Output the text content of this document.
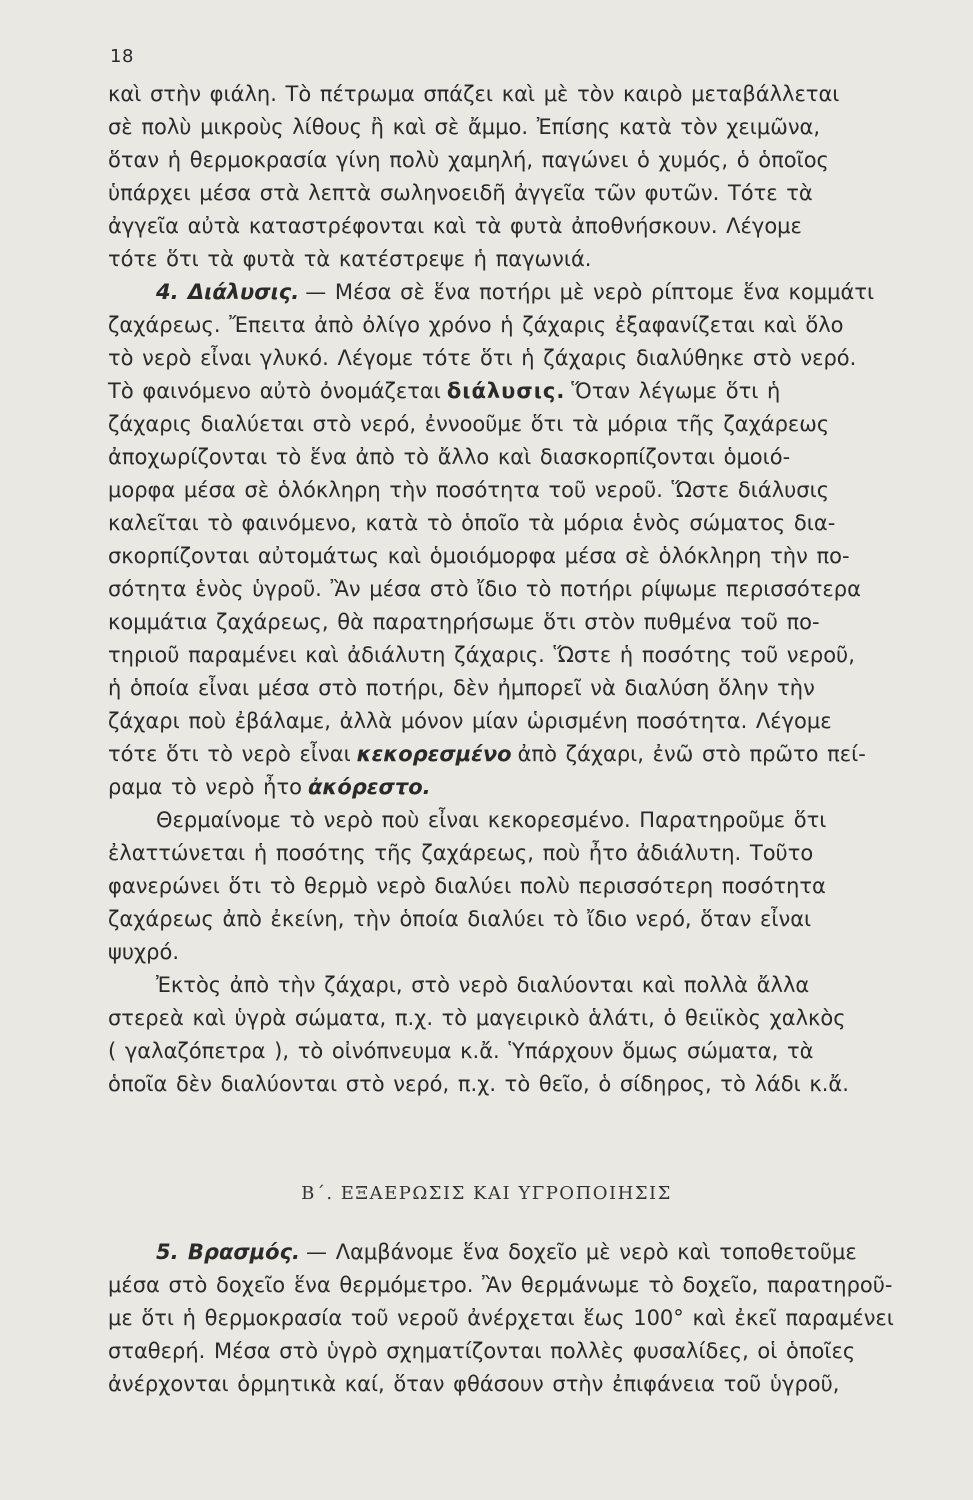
18
καὶ στὴν φιάλη. Τὸ πέτρωμα σπάζει καὶ μὲ τὸν καιρὸ μεταβάλλεται
σὲ πολὺ μικροὺς λίθους ἢ καὶ σὲ ἄμμο. Ἐπίσης κατὰ τὸν χειμῶνα,
ὅταν ἡ θερμοκρασία γίνη πολὺ χαμηλή, παγώνει ὁ χυμός, ὁ ὁποῖος
ὑπάρχει μέσα στὰ λεπτὰ σωληνοειδῆ ἀγγεῖα τῶν φυτῶν. Τότε τὰ
ἀγγεῖα αὐτὰ καταστρέφονται καὶ τὰ φυτὰ ἀποθνήσκουν. Λέγομε
τότε ὅτι τὰ φυτὰ τὰ κατέστρεψε ἡ παγωνιά.
4. Διάλυσις. — Μέσα σὲ ἕνα ποτήρι μὲ νερὸ ρίπτομε ἕνα κομμάτι
ζαχάρεως. Ἔπειτα ἀπὸ ὀλίγο χρόνο ἡ ζάχαρις ἐξαφανίζεται καὶ ὅλο
τὸ νερὸ εἶναι γλυκό. Λέγομε τότε ὅτι ἡ ζάχαρις διαλύθηκε στὸ νερό.
Τὸ φαινόμενο αὐτὸ ὀνομάζεται διάλυσις. Ὅταν λέγωμε ὅτι ἡ
ζάχαρις διαλύεται στὸ νερό, ἐννοοῦμε ὅτι τὰ μόρια τῆς ζαχάρεως
ἀποχωρίζονται τὸ ἕνα ἀπὸ τὸ ἄλλο καὶ διασκορπίζονται ὁμοιό-
μορφα μέσα σὲ ὁλόκληρη τὴν ποσότητα τοῦ νεροῦ. Ὥστε διάλυσις
καλεῖται τὸ φαινόμενο, κατὰ τὸ ὁποῖο τὰ μόρια ἑνὸς σώματος δια-
σκορπίζονται αὐτομάτως καὶ ὁμοιόμορφα μέσα σὲ ὁλόκληρη τὴν πο-
σότητα ἑνὸς ὑγροῦ. Ἂν μέσα στὸ ἴδιο τὸ ποτήρι ρίψωμε περισσότερα
κομμάτια ζαχάρεως, θὰ παρατηρήσωμε ὅτι στὸν πυθμένα τοῦ πο-
τηριοῦ παραμένει καὶ ἀδιάλυτη ζάχαρις. Ὥστε ἡ ποσότης τοῦ νεροῦ,
ἡ ὁποία εἶναι μέσα στὸ ποτήρι, δὲν ἠμπορεῖ νὰ διαλύση ὅλην τὴν
ζάχαρι ποὺ ἐβάλαμε, ἀλλὰ μόνον μίαν ὡρισμένη ποσότητα. Λέγομε
τότε ὅτι τὸ νερὸ εἶναι κεκορεσμένο ἀπὸ ζάχαρι, ἐνῶ στὸ πρῶτο πεί-
ραμα τὸ νερὸ ἦτο ἀκόρεστο.
Θερμαίνομε τὸ νερὸ ποὺ εἶναι κεκορεσμένο. Παρατηροῦμε ὅτι
ἐλαττώνεται ἡ ποσότης τῆς ζαχάρεως, ποὺ ἦτο ἀδιάλυτη. Τοῦτο
φανερώνει ὅτι τὸ θερμὸ νερὸ διαλύει πολὺ περισσότερη ποσότητα
ζαχάρεως ἀπὸ ἐκείνη, τὴν ὁποία διαλύει τὸ ἴδιο νερό, ὅταν εἶναι
ψυχρό.
Ἐκτὸς ἀπὸ τὴν ζάχαρι, στὸ νερὸ διαλύονται καὶ πολλὰ ἄλλα
στερεὰ καὶ ὑγρὰ σώματα, π.χ. τὸ μαγειρικὸ ἁλάτι, ὁ θειϊκὸς χαλκὸς
( γαλαζόπετρα ), τὸ οἰνόπνευμα κ.ἄ. Ὑπάρχουν ὅμως σώματα, τὰ
ὁποῖα δὲν διαλύονται στὸ νερό, π.χ. τὸ θεῖο, ὁ σίδηρος, τὸ λάδι κ.ἄ.
Β΄. ΕΞΑΕΡΩΣΙΣ ΚΑΙ ΥΓΡΟΠΟΙΗΣΙΣ
5. Βρασμός. — Λαμβάνομε ἕνα δοχεῖο μὲ νερὸ καὶ τοποθετοῦμε
μέσα στὸ δοχεῖο ἕνα θερμόμετρο. Ἂν θερμάνωμε τὸ δοχεῖο, παρατηροῦ-
με ὅτι ἡ θερμοκρασία τοῦ νεροῦ ἀνέρχεται ἕως 100° καὶ ἐκεῖ παραμένει
σταθερή. Μέσα στὸ ὑγρὸ σχηματίζονται πολλὲς φυσαλίδες, οἱ ὁποῖες
ἀνέρχονται ὁρμητικὰ καί, ὅταν φθάσουν στὴν ἐπιφάνεια τοῦ ὑγροῦ,
